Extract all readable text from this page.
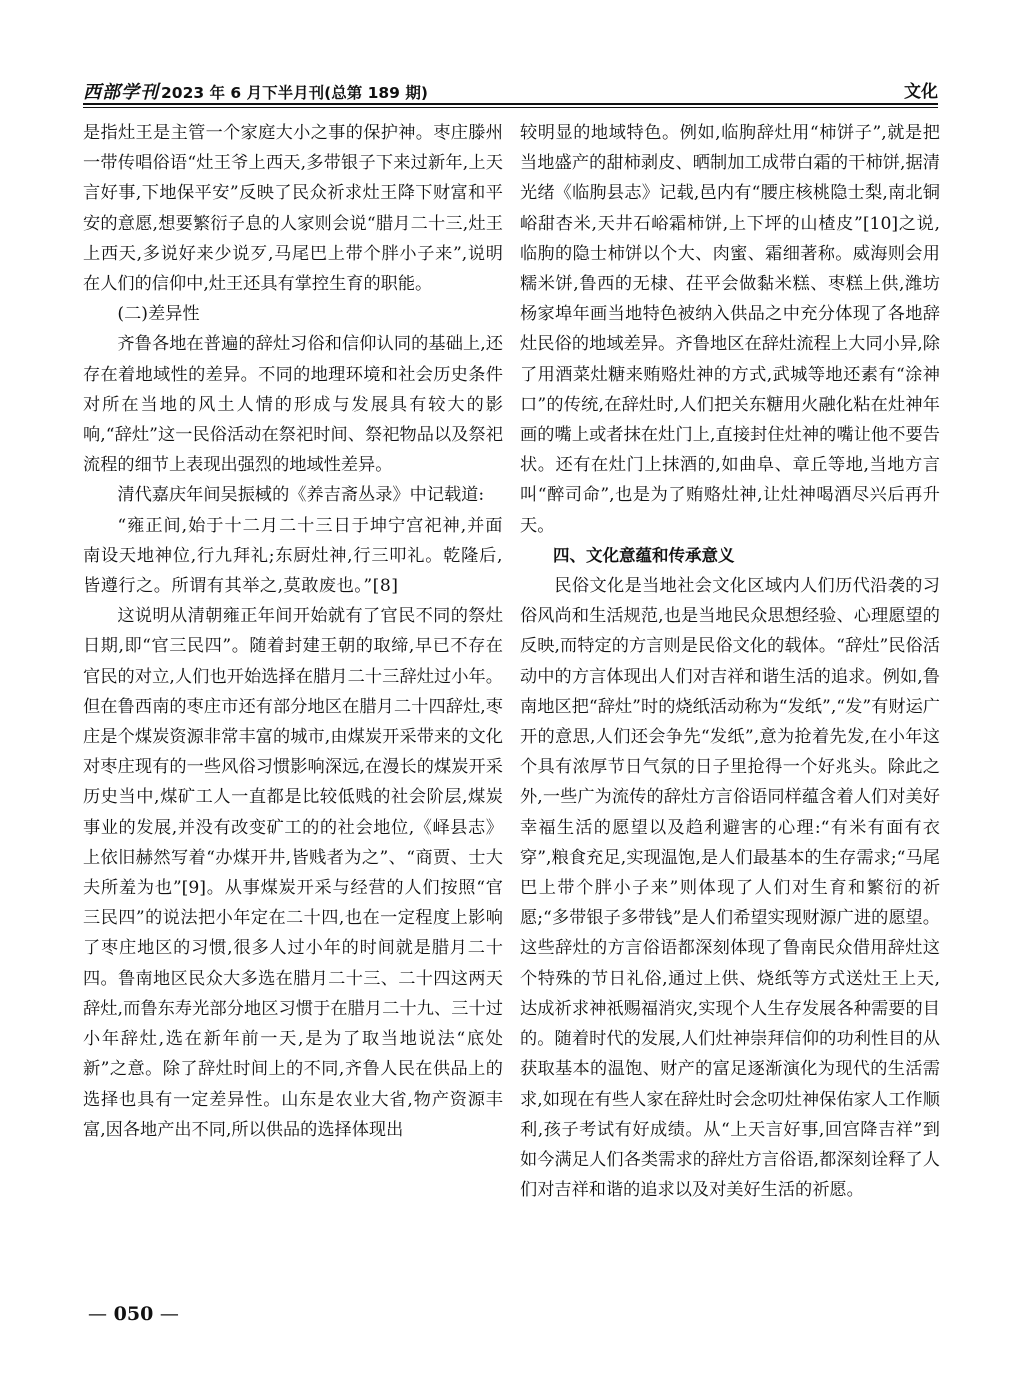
西部学刊 2023 年 6 月下半月刊(总第 189 期)	文化

是指灶王是主管一个家庭大小之事的保护神。枣庄滕州一带传唱俗语“灶王爷上西天,多带银子下来过新年,上天言好事,下地保平安”反映了民众祈求灶王降下财富和平安的意愿,想要繁衍子息的人家则会说“腊月二十三,灶王上西天,多说好来少说歹,马尾巴上带个胖小子来”,说明在人们的信仰中,灶王还具有掌控生育的职能。

(二)差异性

齐鲁各地在普遍的辞灶习俗和信仰认同的基础上,还存在着地域性的差异。不同的地理环境和社会历史条件对所在当地的风土人情的形成与发展具有较大的影响,“辞灶”这一民俗活动在祭祀时间、祭祀物品以及祭祀流程的细节上表现出强烈的地域性差异。

清代嘉庆年间吴振棫的《养吉斋丛录》中记载道:

“雍正间,始于十二月二十三日于坤宁宫祀神,并面南设天地神位,行九拜礼;东厨灶神,行三叩礼。乾隆后,皆遵行之。所谓有其举之,莫敢废也。”[8]

这说明从清朝雍正年间开始就有了官民不同的祭灶日期,即“官三民四”。随着封建王朝的取缔,早已不存在官民的对立,人们也开始选择在腊月二十三辞灶过小年。但在鲁西南的枣庄市还有部分地区在腊月二十四辞灶,枣庄是个煤炭资源非常丰富的城市,由煤炭开采带来的文化对枣庄现有的一些风俗习惯影响深远,在漫长的煤炭开采历史当中,煤矿工人一直都是比较低贱的社会阶层,煤炭事业的发展,并没有改变矿工的的社会地位,《峄县志》上依旧赫然写着“办煤开井,皆贱者为之”、“商贾、士大夫所羞为也”[9]。从事煤炭开采与经营的人们按照“官三民四”的说法把小年定在二十四,也在一定程度上影响了枣庄地区的习惯,很多人过小年的时间就是腊月二十四。鲁南地区民众大多选在腊月二十三、二十四这两天辞灶,而鲁东寿光部分地区习惯于在腊月二十九、三十过小年辞灶,选在新年前一天,是为了取当地说法“底处新”之意。除了辞灶时间上的不同,齐鲁人民在供品上的选择也具有一定差异性。山东是农业大省,物产资源丰富,因各地产出不同,所以供品的选择体现出

较明显的地域特色。例如,临朐辞灶用“柿饼子”,就是把当地盛产的甜柿剥皮、晒制加工成带白霜的干柿饼,据清光绪《临朐县志》记载,邑内有“腰庄核桃隐士梨,南北铜峪甜杏米,天井石峪霜柿饼,上下坪的山楂皮”[10]之说,临朐的隐士柿饼以个大、肉蜜、霜细著称。威海则会用糯米饼,鲁西的无棣、茌平会做黏米糕、枣糕上供,潍坊杨家埠年画当地特色被纳入供品之中充分体现了各地辞灶民俗的地域差异。齐鲁地区在辞灶流程上大同小异,除了用酒菜灶糖来贿赂灶神的方式,武城等地还素有“涂神口”的传统,在辞灶时,人们把关东糖用火融化粘在灶神年画的嘴上或者抹在灶门上,直接封住灶神的嘴让他不要告状。还有在灶门上抹酒的,如曲阜、章丘等地,当地方言叫“醉司命”,也是为了贿赂灶神,让灶神喝酒尽兴后再升天。

四、文化意蕴和传承意义

民俗文化是当地社会文化区域内人们历代沿袭的习俗风尚和生活规范,也是当地民众思想经验、心理愿望的反映,而特定的方言则是民俗文化的载体。“辞灶”民俗活动中的方言体现出人们对吉祥和谐生活的追求。例如,鲁南地区把“辞灶”时的烧纸活动称为“发纸”,“发”有财运广开的意思,人们还会争先“发纸”,意为抢着先发,在小年这个具有浓厚节日气氛的日子里抢得一个好兆头。除此之外,一些广为流传的辞灶方言俗语同样蕴含着人们对美好幸福生活的愿望以及趋利避害的心理:“有米有面有衣穿”,粮食充足,实现温饱,是人们最基本的生存需求;“马尾巴上带个胖小子来”则体现了人们对生育和繁衍的祈愿;“多带银子多带钱”是人们希望实现财源广进的愿望。这些辞灶的方言俗语都深刻体现了鲁南民众借用辞灶这个特殊的节日礼俗,通过上供、烧纸等方式送灶王上天,达成祈求神祇赐福消灾,实现个人生存发展各种需要的目的。随着时代的发展,人们灶神崇拜信仰的功利性目的从获取基本的温饱、财产的富足逐渐演化为现代的生活需求,如现在有些人家在辞灶时会念叨灶神保佑家人工作顺利,孩子考试有好成绩。从“上天言好事,回宫降吉祥”到如今满足人们各类需求的辞灶方言俗语,都深刻诠释了人们对吉祥和谐的追求以及对美好生活的祈愿。

— 050 —
